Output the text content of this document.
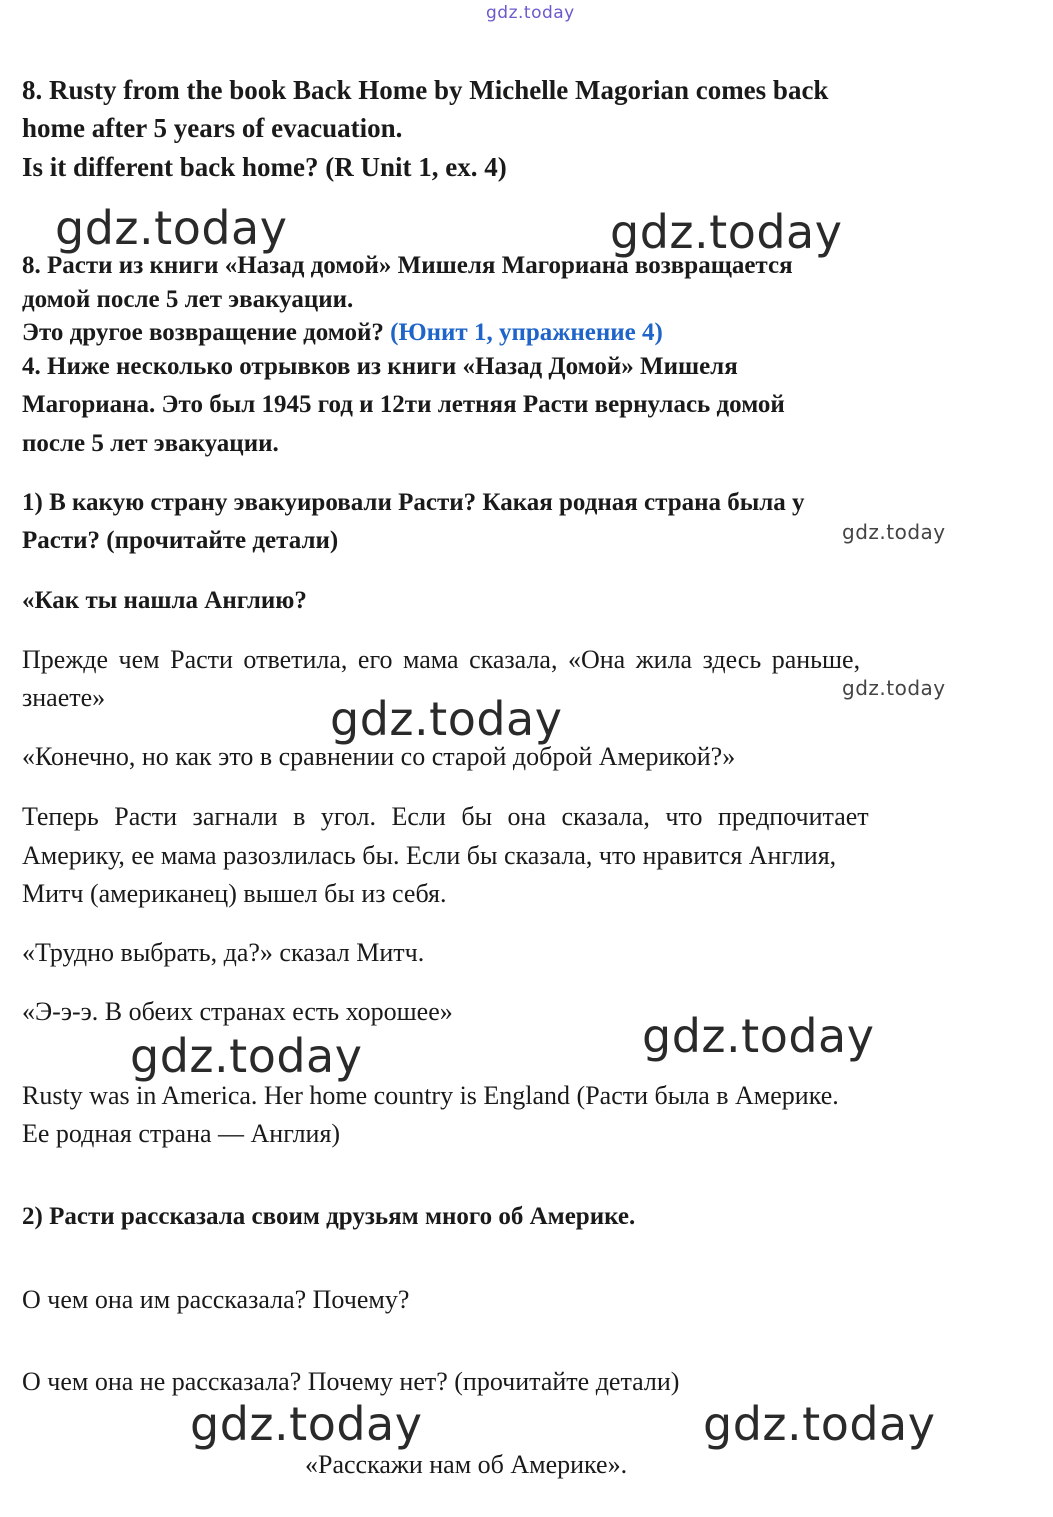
gdz.today

8. Rusty from the book Back Home by Michelle Magorian comes back

home after 5 years of evacuation.

Is it different back home? (R Unit 1, ex. 4)

gdz.today	gdz.today

8. Расти из книги «Назад домой» Мишеля Магориана возвращается

домой после 5 лет эвакуации.

Это другое возвращение домой? (Юнит 1, упражнение 4)

4. Ниже несколько отрывков из книги «Назад Домой» Мишеля

Магориана. Это был 1945 год и 12ти летняя Расти вернулась домой

после 5 лет эвакуации.

1) В какую страну эвакуировали Расти? Какая родная страна была у

Расти? (прочитайте детали)	gdz.today

«Как ты нашла Англию?

Прежде чем Расти ответила, его мама сказала, «Она жила здесь раньше,

знаете»	gdz.today
gdz.today

«Конечно, но как это в сравнении со старой доброй Америкой?»

Теперь Расти загнали в угол. Если бы она сказала, что предпочитает

Америку, ее мама разозлилась бы. Если бы сказала, что нравится Англия,

Митч (американец) вышел бы из себя.

«Трудно выбрать, да?» сказал Митч.

«Э-э-э. В обеих странах есть хорошее»	gdz.today
gdz.today

Rusty was in America. Her home country is England (Расти была в Америке.

Ее родная страна — Англия)

2) Расти рассказала своим друзьям много об Америке.

О чем она им рассказала? Почему?

О чем она не рассказала? Почему нет? (прочитайте детали)

gdz.today	gdz.today

«Расскажи нам об Америке».
